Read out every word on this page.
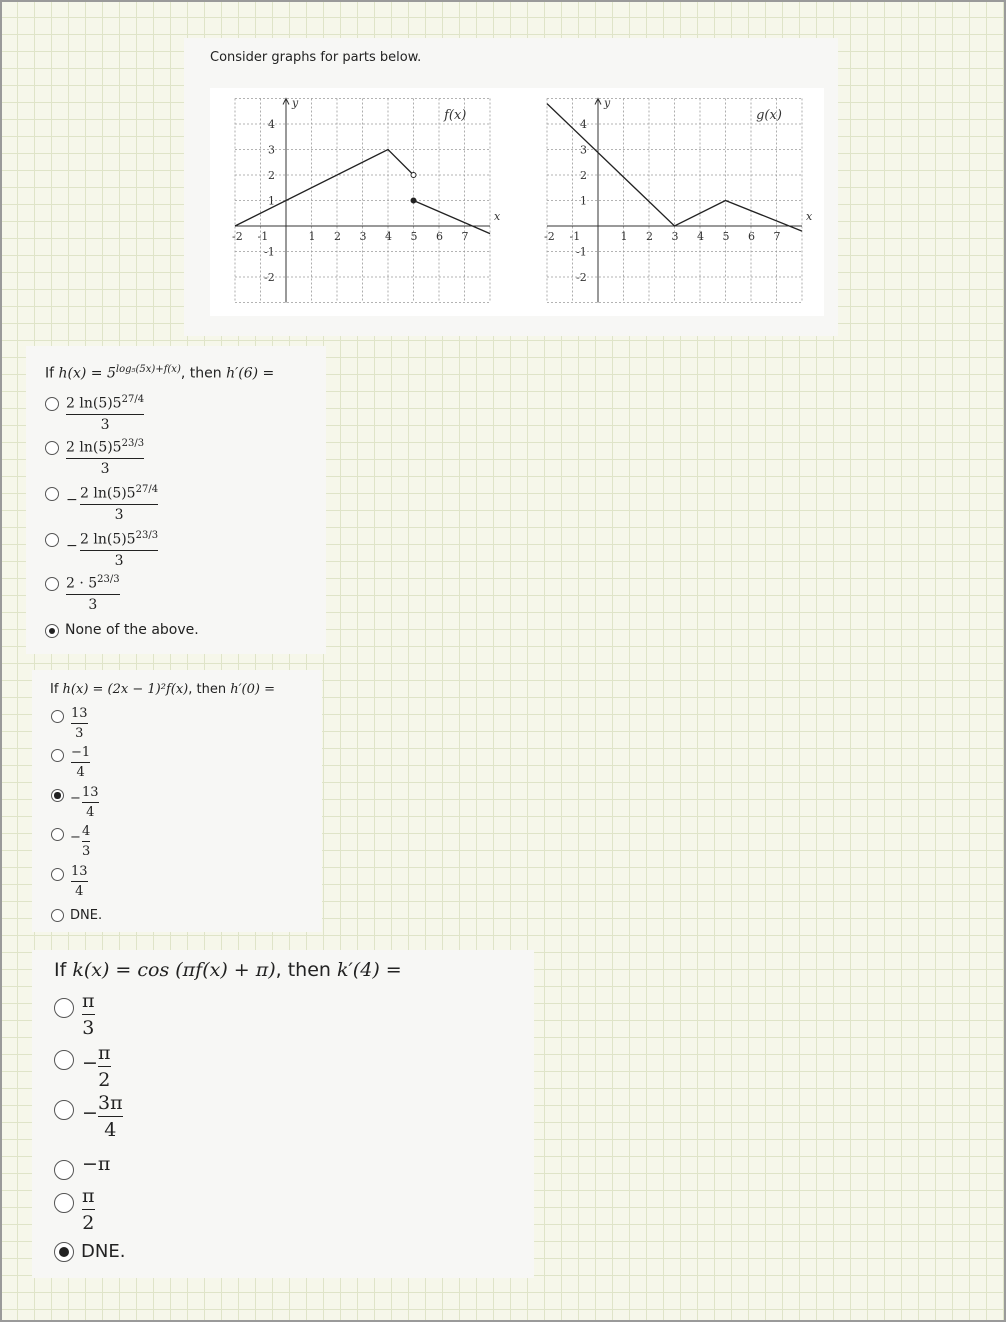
Consider graphs for parts below.
-2 -1	1 2 3 4 5 6 7
4
3
2
1
-1
-2
x
y
f(x)
-2 -1	1 2 3 4 5 6 7
4
3
2
1
-1
-2
x
y
g(x)
If $h(x) = 5^{log_5(5x)+f(x)}$, then h′(6) =
2 $\ln(5)5^{27/4}$
3
2 $\ln(5)5^{23/3}$
3
− 2 $\ln(5)5^{27/4}$
3
− 2 $\ln(5)5^{23/3}$
3
$2 \cdot 5^{23/3}$
3
None of the above.
If h(x) = (2x − 1)²f(x), then h′(0) =
13
3
−1
4
− 13
4
− 4
3
13
4
DNE.
If k(x) = cos (πf(x) + π), then k′(4) =
π
3
− π
2
− 3π
4
−π
π
2
DNE.
